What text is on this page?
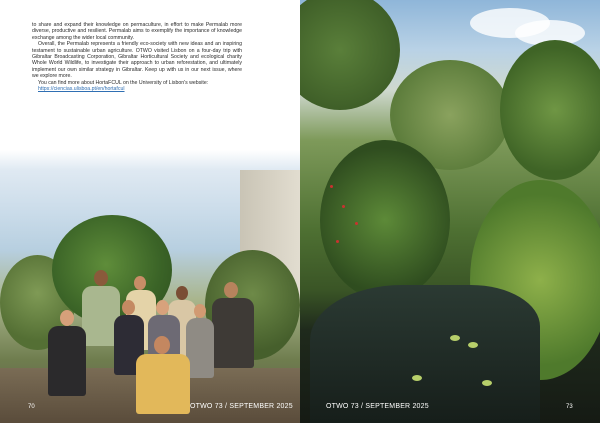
to share and expand their knowledge on permaculture, in effort to make Permalab more diverse, productive and resilient. Permalab aims to exemplify the importance of knowledge exchange among the wider local community.

Overall, the Permalab represents a friendly eco-society with new ideas and an inspiring testament to sustainable urban agriculture. OTWO visited Lisbon on a four-day trip with Gibraltar Broadcasting Corporation, Gibraltar Horticultural Society and ecological charity Whole World Wildlife, to investigate their approach to urban reforestation, and ultimately implement our own similar strategy in Gibraltar. Keep up with us in our next issue, where we explore more.

You can find more about HortaFCUL on the University of Lisbon's website:

https://ciencias.ulisboa.pt/en/hortafcul
70	OTWO 73 / SEPTEMBER 2025	OTWO 73 / SEPTEMBER 2025	73
